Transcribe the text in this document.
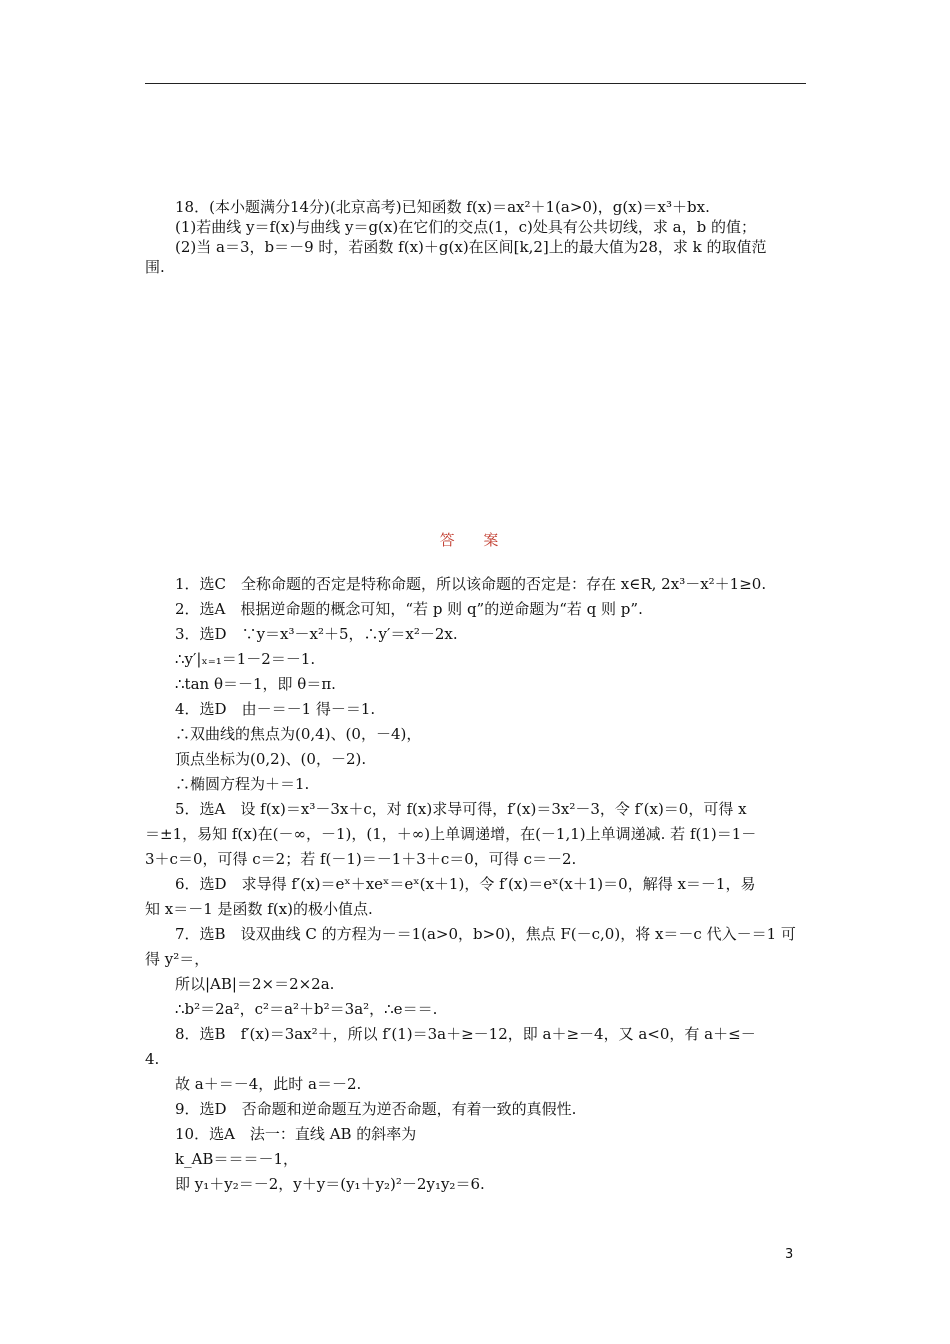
18．(本小题满分14分)(北京高考)已知函数 f(x)＝ax²＋1(a>0)，g(x)＝x³＋bx.
(1)若曲线 y＝f(x)与曲线 y＝g(x)在它们的交点(1，c)处具有公共切线，求 a，b 的值；
(2)当 a＝3，b＝－9 时，若函数 f(x)＋g(x)在区间[k,2]上的最大值为28，求 k 的取值范
围.
答 案
1．选C　全称命题的否定是特称命题，所以该命题的否定是：存在 x∈R, 2x³－x²＋1≥0.
2．选A　根据逆命题的概念可知，“若 p 则 q”的逆命题为“若 q 则 p”.
3．选D　∵y＝x³－x²＋5，∴y′＝x²－2x.
∴y′|ₓ₌₁＝1－2＝－1.
∴tan θ＝－1，即 θ＝π.
4．选D　由－＝－1 得－＝1.
∴双曲线的焦点为(0,4)、(0，－4)，
顶点坐标为(0,2)、(0，－2).
∴椭圆方程为＋＝1.
5．选A　设 f(x)＝x³－3x＋c，对 f(x)求导可得，f′(x)＝3x²－3，令 f′(x)＝0，可得 x
＝±1，易知 f(x)在(－∞，－1)，(1，＋∞)上单调递增，在(－1,1)上单调递减. 若 f(1)＝1－
3＋c＝0，可得 c＝2；若 f(－1)＝－1＋3＋c＝0，可得 c＝－2.
6．选D　求导得 f′(x)＝eˣ＋xeˣ＝eˣ(x＋1)，令 f′(x)＝eˣ(x＋1)＝0，解得 x＝－1，易
知 x＝－1 是函数 f(x)的极小值点.
7．选B　设双曲线 C 的方程为－＝1(a>0，b>0)，焦点 F(－c,0)，将 x＝－c 代入－＝1 可
得 y²＝，
所以|AB|＝2×＝2×2a.
∴b²＝2a²，c²＝a²＋b²＝3a²，∴e＝＝.
8．选B　f′(x)＝3ax²＋，所以 f′(1)＝3a＋≥－12，即 a＋≥－4，又 a<0，有 a＋≤－
4.
故 a＋＝－4，此时 a＝－2.
9．选D　否命题和逆命题互为逆否命题，有着一致的真假性.
10．选A　法一：直线 AB 的斜率为
k_AB＝＝＝－1，
即 y₁＋y₂＝－2，y＋y＝(y₁＋y₂)²－2y₁y₂＝6.
3
